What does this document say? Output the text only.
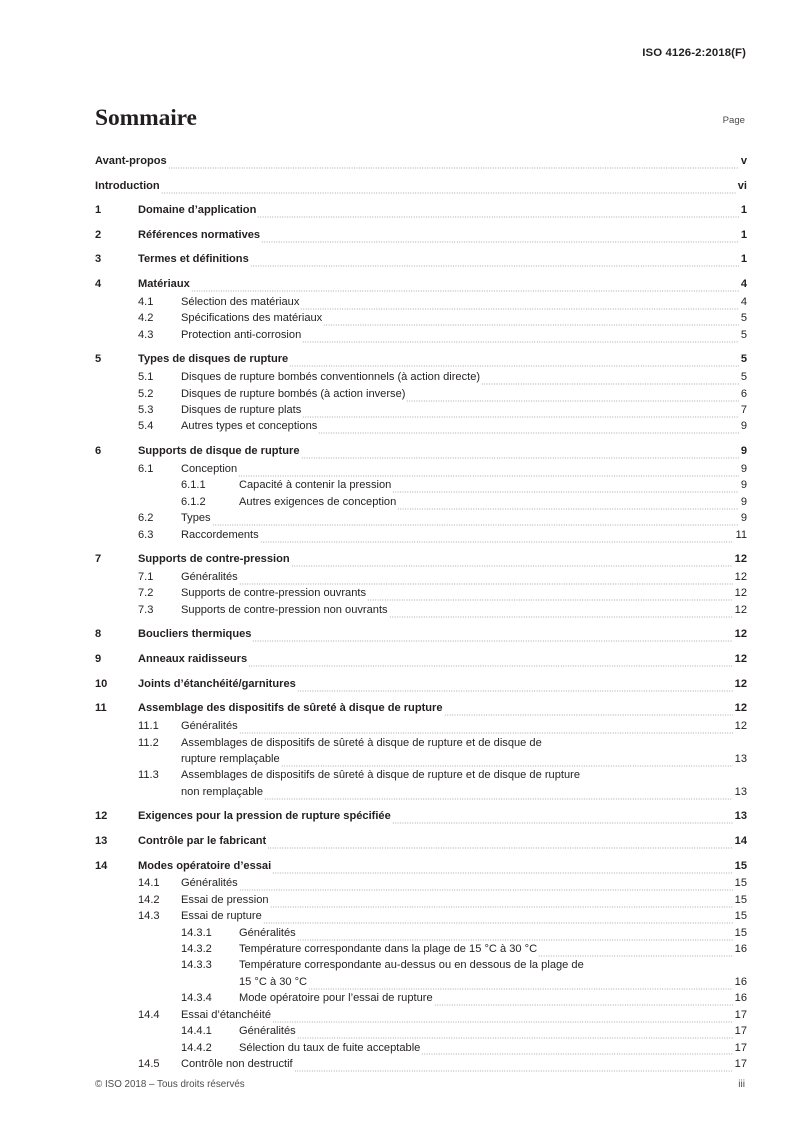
ISO 4126-2:2018(F)
Sommaire	Page
Avant-propos	v
Introduction	vi
1	Domaine d’application	1
2	Références normatives	1
3	Termes et définitions	1
4	Matériaux	4
4.1	Sélection des matériaux	4
4.2	Spécifications des matériaux	5
4.3	Protection anti-corrosion	5
5	Types de disques de rupture	5
5.1	Disques de rupture bombés conventionnels (à action directe)	5
5.2	Disques de rupture bombés (à action inverse)	6
5.3	Disques de rupture plats	7
5.4	Autres types et conceptions	9
6	Supports de disque de rupture	9
6.1	Conception	9
6.1.1	Capacité à contenir la pression	9
6.1.2	Autres exigences de conception	9
6.2	Types	9
6.3	Raccordements	11
7	Supports de contre-pression	12
7.1	Généralités	12
7.2	Supports de contre-pression ouvrants	12
7.3	Supports de contre-pression non ouvrants	12
8	Boucliers thermiques	12
9	Anneaux raidisseurs	12
10	Joints d’étanchéité/garnitures	12
11	Assemblage des dispositifs de sûreté à disque de rupture	12
11.1	Généralités	12
11.2	Assemblages de dispositifs de sûreté à disque de rupture et de disque de
rupture remplaçable	13
11.3	Assemblages de dispositifs de sûreté à disque de rupture et de disque de rupture
non remplaçable	13
12	Exigences pour la pression de rupture spécifiée	13
13	Contrôle par le fabricant	14
14	Modes opératoire d’essai	15
14.1	Généralités	15
14.2	Essai de pression	15
14.3	Essai de rupture	15
14.3.1	Généralités	15
14.3.2	Température correspondante dans la plage de 15 °C à 30 °C	16
14.3.3	Température correspondante au-dessus ou en dessous de la plage de
15 °C à 30 °C	16
14.3.4	Mode opératoire pour l’essai de rupture	16
14.4	Essai d’étanchéité	17
14.4.1	Généralités	17
14.4.2	Sélection du taux de fuite acceptable	17
14.5	Contrôle non destructif	17
© ISO 2018 – Tous droits réservés	iii
